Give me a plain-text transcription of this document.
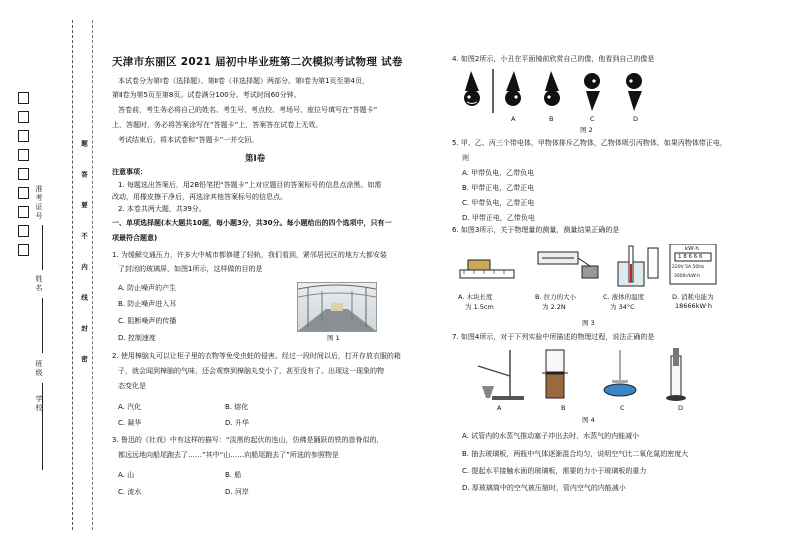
准考证号
姓名
班级
学校
题 答 要 不 内 线 封 密
天津市东丽区 2021 届初中毕业班第二次模拟考试物理 试卷
本试卷分为第Ⅰ卷（选择题）、第Ⅱ卷（非选择题）两部分。第Ⅰ卷为第1页至第4页，
第Ⅱ卷为第5页至第8页。试卷满分100分。考试时间60分钟。
答卷前，考生务必将自己的姓名、考生号、考点校、考场号、座位号填写在“答题卡”
上，答题时，务必将答案涂写在“答题卡”上，答案答在试卷上无效。
考试结束后，将本试卷和“答题卡”一并交回。
第Ⅰ卷
注意事项：
1. 每题选出答案后，用2B铅笔把“答题卡”上对应题目的答案标号的信息点涂黑。如需
改动，用橡皮擦干净后，再选涂其他答案标号的信息点。
2. 本卷共两大题，共39分。
一、单项选择题(本大题共10题，每小题3分，共30分。每小题给出的四个选项中，只有一
项最符合题意)
1. 为缓解交通压力，许多大中城市都修建了轻轨，我们看到，紧邻居民区的地方大都安装
了封闭的玻璃屏，如图1所示，这样做的目的是
A. 防止噪声的产生
B. 防止噪声进入耳
C. 阻断噪声的传播
D. 控制速度	图 1
2. 使用樟脑丸可以让柜子里的衣物等免受虫蛀的侵害。经过一段时间以后，打开存放衣服的箱
子，就会闻到樟脑的气味，还会观察到樟脑丸变小了，甚至没有了。出现这一现象的物
态变化是
A. 汽化	B. 熔化
C. 凝华	D. 升华
3. 鲁迅的《社戏》中有这样的描写：“淡黑的起伏的连山，仿佛是踊跃的铁的兽脊似的，
都远远地向船尾跑去了……”其中“山……向船尾跑去了”所选的参照物是
A. 山	B. 船
C. 流水	D. 河岸
4. 如图2所示，小丑在平面镜前欣赏自己的像，他看到自己的像是
A	B	C	D
图 2
5. 甲、乙、丙三个带电体，甲物体排斥乙物体，乙物体吸引丙物体，如果丙物体带正电，
则
A. 甲带负电，乙带负电
B. 甲带正电，乙带正电
C. 甲带负电，乙带正电
D. 甲带正电，乙带负电
6. 如图3所示，关于物理量的测量，测量结果正确的是
kW·h
1 8 6 6 6
220V 5A 50Hz
3000r/kW·h
A. 木块长度
为 1.5cm
B. 拉力的大小
为 2.2N
C. 液体的温度
为 34°C
D. 消耗电能为
18666kW·h
图 3
7. 如图4所示，对于下列实验中所描述的物理过程，说法正确的是
A	B	C	D
图 4
A. 试管内的水蒸气推动塞子冲出去时，水蒸气的内能减小
B. 抽去玻璃板，两瓶中气体逐渐混合均匀，说明空气比二氧化氮的密度大
C. 提起水平接触水面的玻璃板，需要的力小于玻璃板的重力
D. 厚玻璃筒中的空气被压缩时，管内空气的内能减小
